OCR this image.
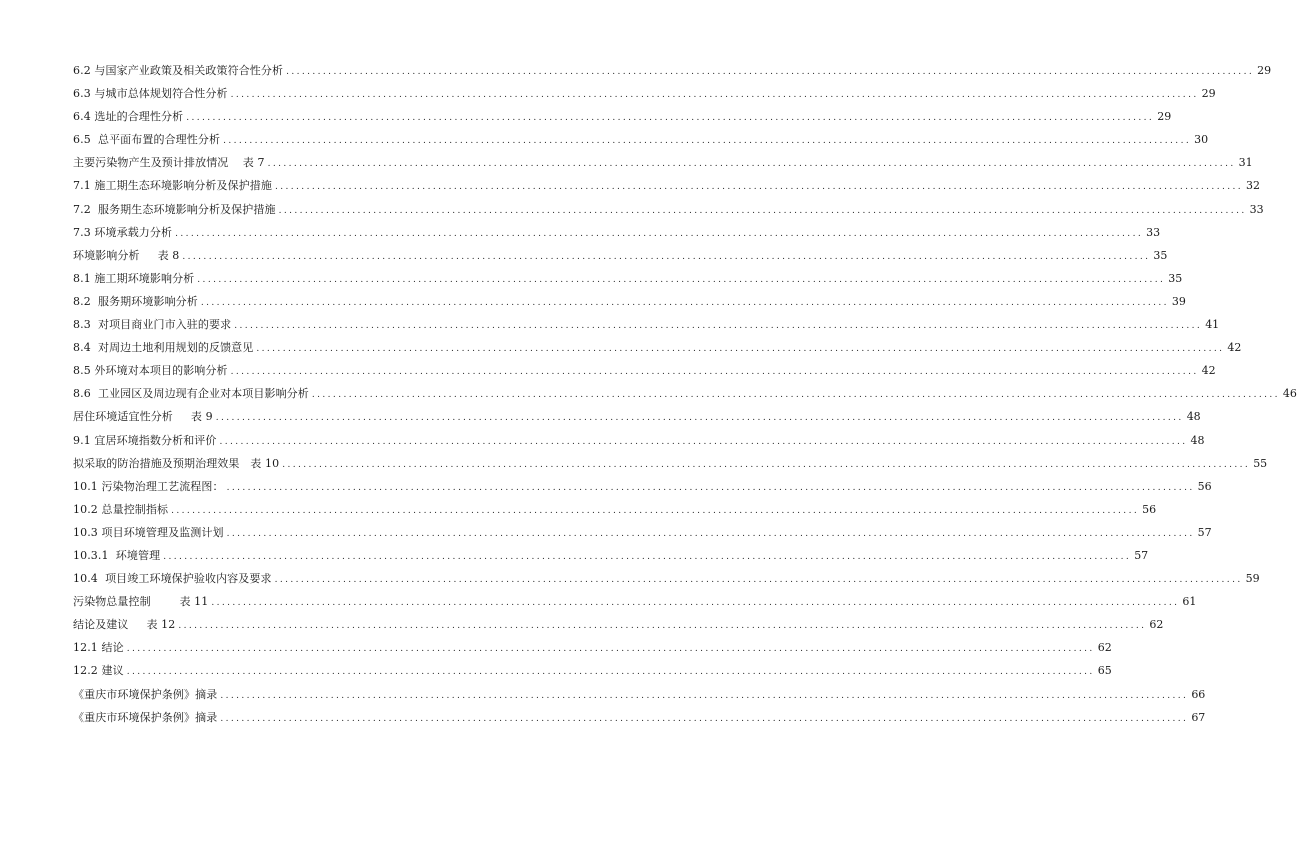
6.2 与国家产业政策及相关政策符合性分析 ........................................................................................................................................................................................ 29
6.3 与城市总体规划符合性分析 ........................................................................................................................................................................................ 29
6.4 选址的合理性分析 ........................................................................................................................................................................................ 29
6.5  总平面布置的合理性分析 ........................................................................................................................................................................................ 30
主要污染物产生及预计排放情况    表 7 ........................................................................................................................................................................................ 31
7.1 施工期生态环境影响分析及保护措施 ........................................................................................................................................................................................ 32
7.2  服务期生态环境影响分析及保护措施 ........................................................................................................................................................................................ 33
7.3 环境承载力分析 ........................................................................................................................................................................................ 33
环境影响分析     表 8 ........................................................................................................................................................................................ 35
8.1 施工期环境影响分析 ........................................................................................................................................................................................ 35
8.2  服务期环境影响分析 ........................................................................................................................................................................................ 39
8.3  对项目商业门市入驻的要求 ........................................................................................................................................................................................ 41
8.4  对周边土地利用规划的反馈意见 ........................................................................................................................................................................................ 42
8.5 外环境对本项目的影响分析 ........................................................................................................................................................................................ 42
8.6  工业园区及周边现有企业对本项目影响分析 ........................................................................................................................................................................................ 46
居住环境适宜性分析     表 9 ........................................................................................................................................................................................ 48
9.1 宜居环境指数分析和评价 ........................................................................................................................................................................................ 48
拟采取的防治措施及预期治理效果   表 10 ........................................................................................................................................................................................ 55
10.1 污染物治理工艺流程图： ........................................................................................................................................................................................ 56
10.2 总量控制指标 ........................................................................................................................................................................................ 56
10.3 项目环境管理及监测计划 ........................................................................................................................................................................................ 57
10.3.1  环境管理 ........................................................................................................................................................................................ 57
10.4  项目竣工环境保护验收内容及要求 ........................................................................................................................................................................................ 59
污染物总量控制        表 11 ........................................................................................................................................................................................ 61
结论及建议     表 12 ........................................................................................................................................................................................ 62
12.1 结论 ........................................................................................................................................................................................ 62
12.2 建议 ........................................................................................................................................................................................ 65
《重庆市环境保护条例》摘录 ........................................................................................................................................................................................ 66
《重庆市环境保护条例》摘录 ........................................................................................................................................................................................ 67
